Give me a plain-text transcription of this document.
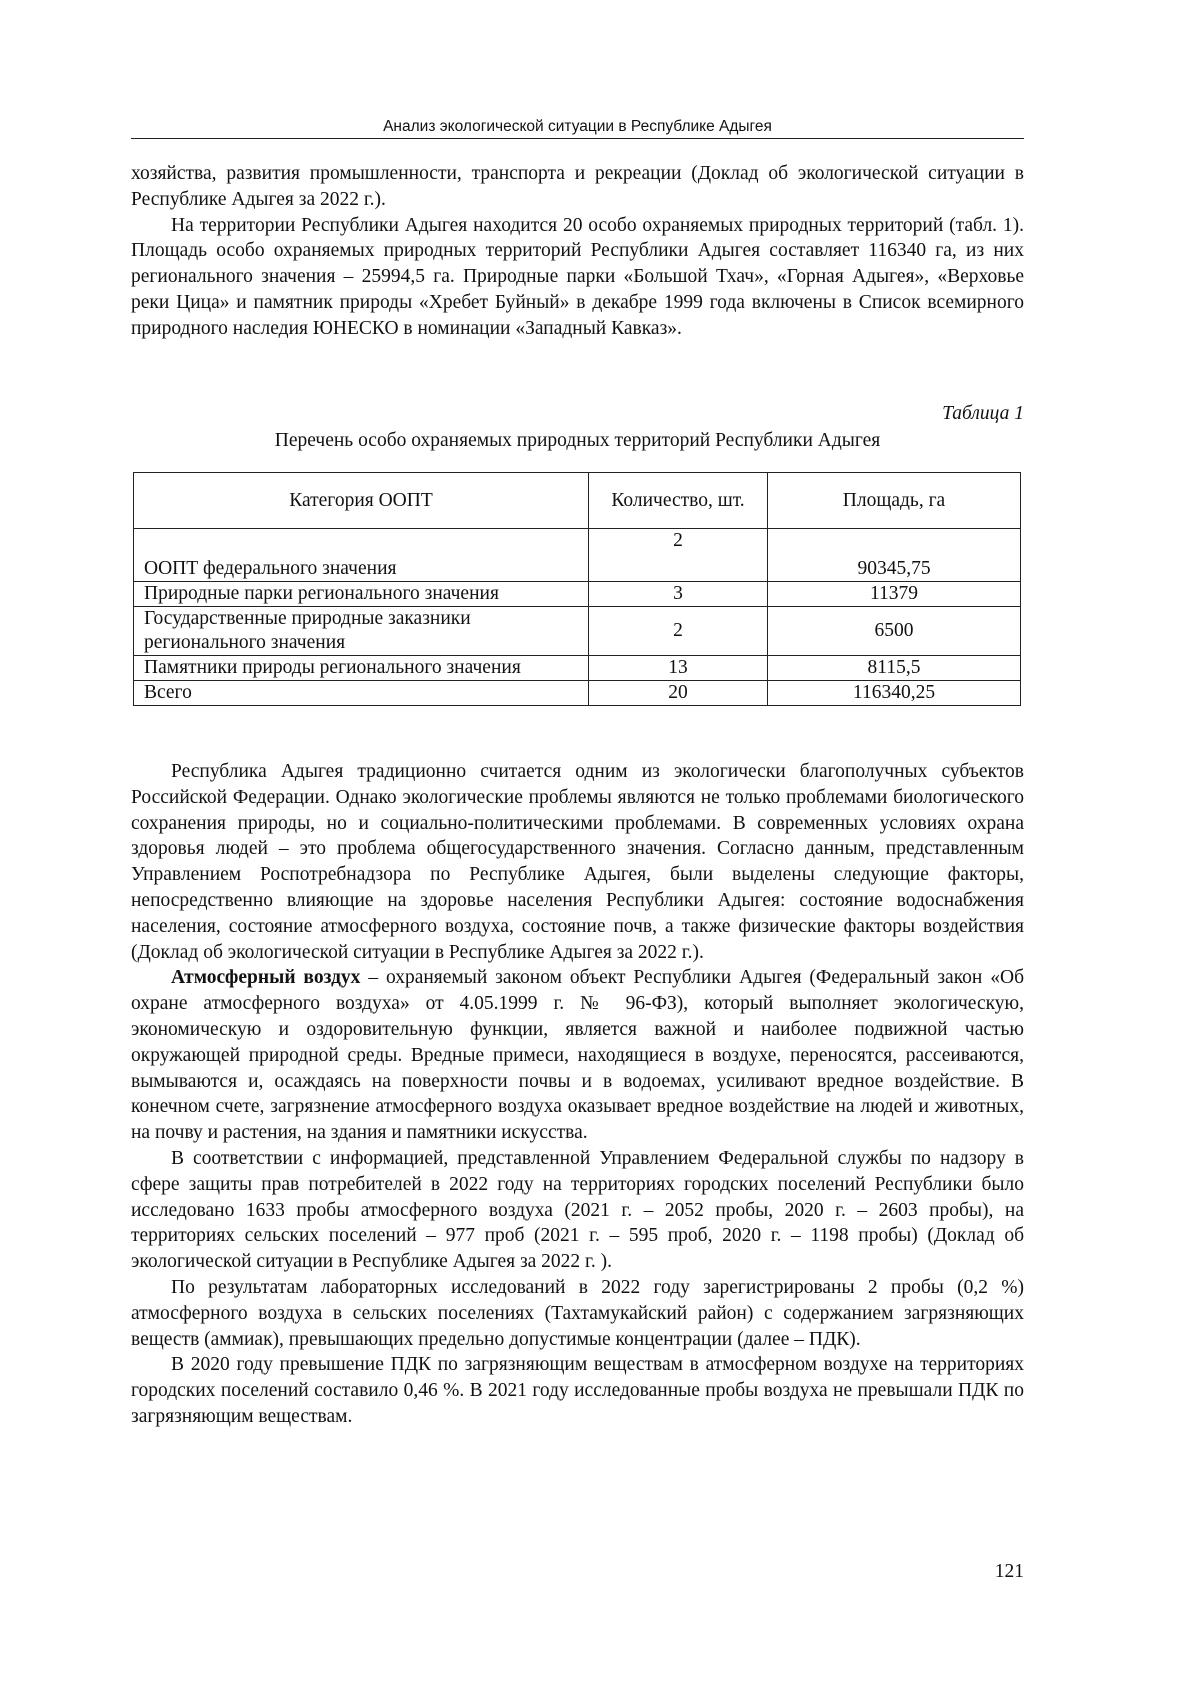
Анализ экологической ситуации в Республике Адыгея

хозяйства, развития промышленности, транспорта и рекреации (Доклад об экологической ситуации в Республике Адыгея за 2022 г.).

На территории Республики Адыгея находится 20 особо охраняемых природных территорий (табл. 1). Площадь особо охраняемых природных территорий Республики Адыгея составляет 116340 га, из них регионального значения – 25994,5 га. Природные парки «Большой Тхач», «Горная Адыгея», «Верховье реки Цица» и памятник природы «Хребет Буйный» в декабре 1999 года включены в Список всемирного природного наследия ЮНЕСКО в номинации «Западный Кавказ».

Таблица 1
Перечень особо охраняемых природных территорий Республики Адыгея
Категория ООПТ	Количество, шт.	Площадь, га
ООПТ федерального значения	2	90345,75
Природные парки регионального значения	3	11379
Государственные природные заказники регионального значения	2	6500
Памятники природы регионального значения	13	8115,5
Всего	20	116340,25

Республика Адыгея традиционно считается одним из экологически благополучных субъектов Российской Федерации. Однако экологические проблемы являются не только проблемами биологического сохранения природы, но и социально-политическими проблемами. В современных условиях охрана здоровья людей – это проблема общегосударственного значения. Согласно данным, представленным Управлением Роспотребнадзора по Республике Адыгея, были выделены следующие факторы, непосредственно влияющие на здоровье населения Республики Адыгея: состояние водоснабжения населения, состояние атмосферного воздуха, состояние почв, а также физические факторы воздействия (Доклад об экологической ситуации в Республике Адыгея за 2022 г.).

Атмосферный воздух – охраняемый законом объект Республики Адыгея (Федеральный закон «Об охране атмосферного воздуха» от 4.05.1999 г. № 96-ФЗ), который выполняет экологическую, экономическую и оздоровительную функции, является важной и наиболее подвижной частью окружающей природной среды. Вредные примеси, находящиеся в воздухе, переносятся, рассеиваются, вымываются и, осаждаясь на поверхности почвы и в водоемах, усиливают вредное воздействие. В конечном счете, загрязнение атмосферного воздуха оказывает вредное воздействие на людей и животных, на почву и растения, на здания и памятники искусства.

В соответствии с информацией, представленной Управлением Федеральной службы по надзору в сфере защиты прав потребителей в 2022 году на территориях городских поселений Республики было исследовано 1633 пробы атмосферного воздуха (2021 г. – 2052 пробы, 2020 г. – 2603 пробы), на территориях сельских поселений – 977 проб (2021 г. – 595 проб, 2020 г. – 1198 пробы) (Доклад об экологической ситуации в Республике Адыгея за 2022 г. ).

По результатам лабораторных исследований в 2022 году зарегистрированы 2 пробы (0,2 %) атмосферного воздуха в сельских поселениях (Тахтамукайский район) с содержанием загрязняющих веществ (аммиак), превышающих предельно допустимые концентрации (далее – ПДК).

В 2020 году превышение ПДК по загрязняющим веществам в атмосферном воздухе на территориях городских поселений составило 0,46 %. В 2021 году исследованные пробы воздуха не превышали ПДК по загрязняющим веществам.

121
